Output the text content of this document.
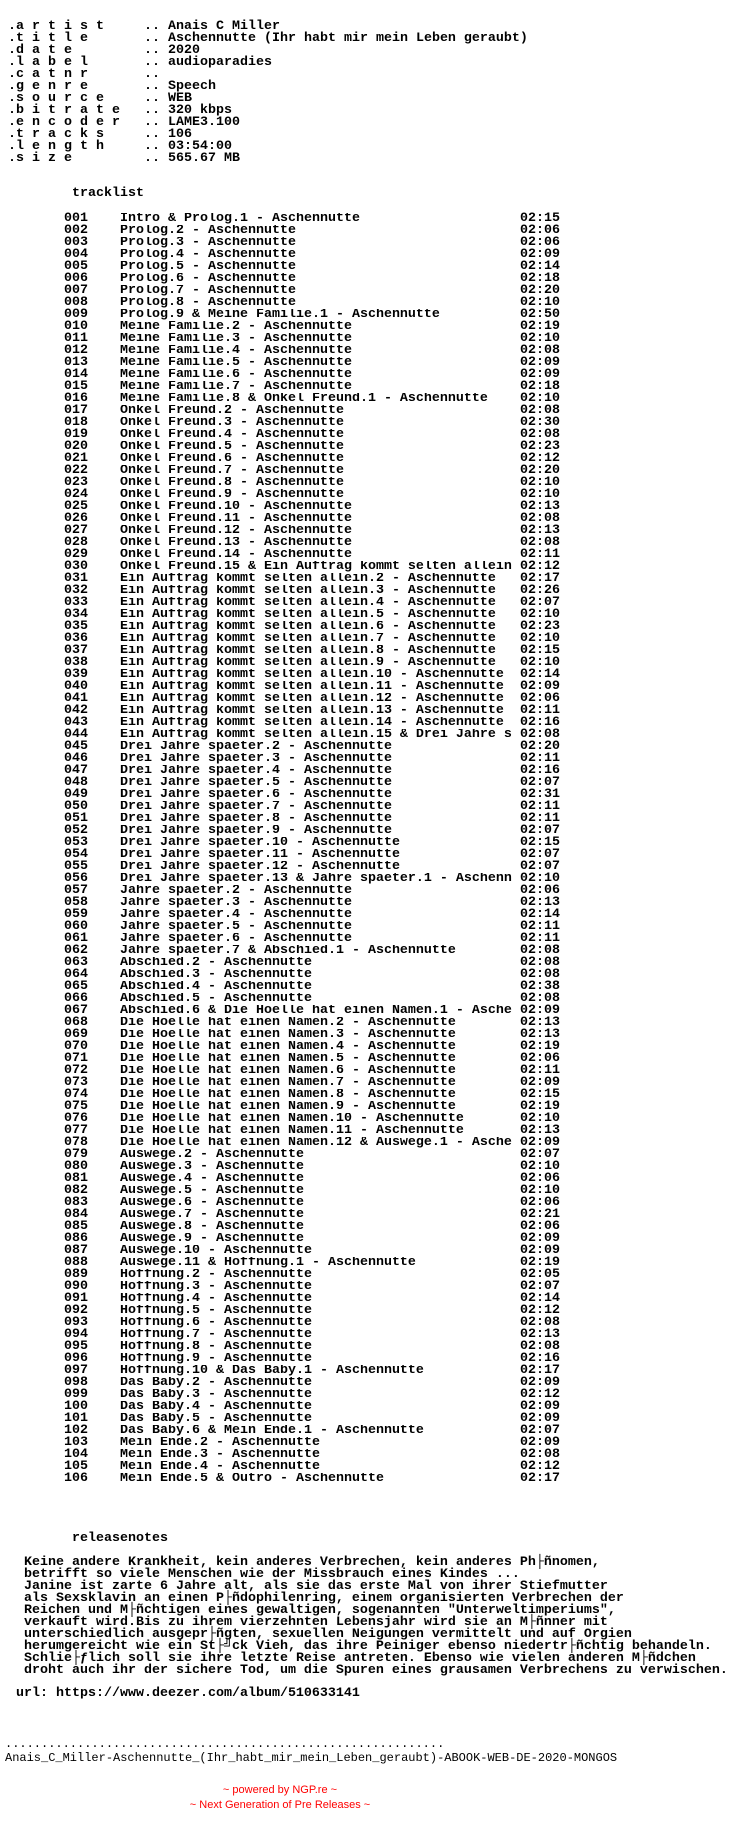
.a r t i s t	.. Anais C Miller
.t i t l e	.. Aschennutte (Ihr habt mir mein Leben geraubt)
.d a t e	.. 2020
.l a b e l	.. audioparadies
.c a t n r	..
.g e n r e	.. Speech
.s o u r c e	.. WEB
.b i t r a t e .. 320 kbps
.e n c o d e r .. LAME3.100
.t r a c k s	.. 106
.l e n g t h	.. 03:54:00
.s i z e	.. 565.67 MB
tracklist
001 Intro & Prolog.1 - Aschennutte	02:15
002 Prolog.2 - Aschennutte	02:06
003 Prolog.3 - Aschennutte	02:06
004 Prolog.4 - Aschennutte	02:09
005 Prolog.5 - Aschennutte	02:14
006 Prolog.6 - Aschennutte	02:18
007 Prolog.7 - Aschennutte	02:20
008 Prolog.8 - Aschennutte	02:10
009 Prolog.9 & Meine Familie.1 - Aschennutte	02:50
010 Meine Familie.2 - Aschennutte	02:19
011 Meine Familie.3 - Aschennutte	02:10
012 Meine Familie.4 - Aschennutte	02:08
013 Meine Familie.5 - Aschennutte	02:09
014 Meine Familie.6 - Aschennutte	02:09
015 Meine Familie.7 - Aschennutte	02:18
016 Meine Familie.8 & Onkel Freund.1 - Aschennutte	02:10
017 Onkel Freund.2 - Aschennutte	02:08
018 Onkel Freund.3 - Aschennutte	02:30
019 Onkel Freund.4 - Aschennutte	02:08
020 Onkel Freund.5 - Aschennutte	02:23
021 Onkel Freund.6 - Aschennutte	02:12
022 Onkel Freund.7 - Aschennutte	02:20
023 Onkel Freund.8 - Aschennutte	02:10
024 Onkel Freund.9 - Aschennutte	02:10
025 Onkel Freund.10 - Aschennutte	02:13
026 Onkel Freund.11 - Aschennutte	02:08
027 Onkel Freund.12 - Aschennutte	02:13
028 Onkel Freund.13 - Aschennutte	02:08
029 Onkel Freund.14 - Aschennutte	02:11
030 Onkel Freund.15 & Ein Auftrag kommt selten allein 02:12
031 Ein Auftrag kommt selten allein.2 - Aschennutte	02:17
032 Ein Auftrag kommt selten allein.3 - Aschennutte	02:26
033 Ein Auftrag kommt selten allein.4 - Aschennutte	02:07
034 Ein Auftrag kommt selten allein.5 - Aschennutte	02:10
035 Ein Auftrag kommt selten allein.6 - Aschennutte	02:23
036 Ein Auftrag kommt selten allein.7 - Aschennutte	02:10
037 Ein Auftrag kommt selten allein.8 - Aschennutte	02:15
038 Ein Auftrag kommt selten allein.9 - Aschennutte	02:10
039 Ein Auftrag kommt selten allein.10 - Aschennutte	02:14
040 Ein Auftrag kommt selten allein.11 - Aschennutte	02:09
041 Ein Auftrag kommt selten allein.12 - Aschennutte	02:06
042 Ein Auftrag kommt selten allein.13 - Aschennutte	02:11
043 Ein Auftrag kommt selten allein.14 - Aschennutte	02:16
044 Ein Auftrag kommt selten allein.15 & Drei Jahre s 02:08
045 Drei Jahre spaeter.2 - Aschennutte	02:20
046 Drei Jahre spaeter.3 - Aschennutte	02:11
047 Drei Jahre spaeter.4 - Aschennutte	02:16
048 Drei Jahre spaeter.5 - Aschennutte	02:07
049 Drei Jahre spaeter.6 - Aschennutte	02:31
050 Drei Jahre spaeter.7 - Aschennutte	02:11
051 Drei Jahre spaeter.8 - Aschennutte	02:11
052 Drei Jahre spaeter.9 - Aschennutte	02:07
053 Drei Jahre spaeter.10 - Aschennutte	02:15
054 Drei Jahre spaeter.11 - Aschennutte	02:07
055 Drei Jahre spaeter.12 - Aschennutte	02:07
056 Drei Jahre spaeter.13 & Jahre spaeter.1 - Aschenn 02:10
057 Jahre spaeter.2 - Aschennutte	02:06
058 Jahre spaeter.3 - Aschennutte	02:13
059 Jahre spaeter.4 - Aschennutte	02:14
060 Jahre spaeter.5 - Aschennutte	02:11
061 Jahre spaeter.6 - Aschennutte	02:11
062 Jahre spaeter.7 & Abschied.1 - Aschennutte	02:08
063 Abschied.2 - Aschennutte	02:08
064 Abschied.3 - Aschennutte	02:08
065 Abschied.4 - Aschennutte	02:38
066 Abschied.5 - Aschennutte	02:08
067 Abschied.6 & Die Hoelle hat einen Namen.1 - Asche 02:09
068 Die Hoelle hat einen Namen.2 - Aschennutte	02:13
069 Die Hoelle hat einen Namen.3 - Aschennutte	02:13
070 Die Hoelle hat einen Namen.4 - Aschennutte	02:19
071 Die Hoelle hat einen Namen.5 - Aschennutte	02:06
072 Die Hoelle hat einen Namen.6 - Aschennutte	02:11
073 Die Hoelle hat einen Namen.7 - Aschennutte	02:09
074 Die Hoelle hat einen Namen.8 - Aschennutte	02:15
075 Die Hoelle hat einen Namen.9 - Aschennutte	02:19
076 Die Hoelle hat einen Namen.10 - Aschennutte	02:10
077 Die Hoelle hat einen Namen.11 - Aschennutte	02:13
078 Die Hoelle hat einen Namen.12 & Auswege.1 - Asche 02:09
079 Auswege.2 - Aschennutte	02:07
080 Auswege.3 - Aschennutte	02:10
081 Auswege.4 - Aschennutte	02:06
082 Auswege.5 - Aschennutte	02:10
083 Auswege.6 - Aschennutte	02:06
084 Auswege.7 - Aschennutte	02:21
085 Auswege.8 - Aschennutte	02:06
086 Auswege.9 - Aschennutte	02:09
087 Auswege.10 - Aschennutte	02:09
088 Auswege.11 & Hoffnung.1 - Aschennutte	02:19
089 Hoffnung.2 - Aschennutte	02:05
090 Hoffnung.3 - Aschennutte	02:07
091 Hoffnung.4 - Aschennutte	02:14
092 Hoffnung.5 - Aschennutte	02:12
093 Hoffnung.6 - Aschennutte	02:08
094 Hoffnung.7 - Aschennutte	02:13
095 Hoffnung.8 - Aschennutte	02:08
096 Hoffnung.9 - Aschennutte	02:16
097 Hoffnung.10 & Das Baby.1 - Aschennutte	02:17
098 Das Baby.2 - Aschennutte	02:09
099 Das Baby.3 - Aschennutte	02:12
100 Das Baby.4 - Aschennutte	02:09
101 Das Baby.5 - Aschennutte	02:09
102 Das Baby.6 & Mein Ende.1 - Aschennutte	02:07
103 Mein Ende.2 - Aschennutte	02:09
104 Mein Ende.3 - Aschennutte	02:08
105 Mein Ende.4 - Aschennutte	02:12
106 Mein Ende.5 & Outro - Aschennutte	02:17
releasenotes
Keine andere Krankheit, kein anderes Verbrechen, kein anderes Ph├ñnomen,
betrifft so viele Menschen wie der Missbrauch eines Kindes ...
Janine ist zarte 6 Jahre alt, als sie das erste Mal von ihrer Stiefmutter
als Sexsklavin an einen P├ñdophilenring, einem organisierten Verbrechen der
Reichen und M├ñchtigen eines gewaltigen, sogenannten "Unterweltimperiums",
verkauft wird.Bis zu ihrem vierzehnten Lebensjahr wird sie an M├ñnner mit
unterschiedlich ausgepr├ñgten, sexuellen Neigungen vermittelt und auf Orgien
herumgereicht wie ein St├╝ck Vieh, das ihre Peiniger ebenso niedertr├ñchtig behandeln.
Schlie├ƒlich soll sie ihre letzte Reise antreten. Ebenso wie vielen anderen M├ñdchen
droht auch ihr der sichere Tod, um die Spuren eines grausamen Verbrechens zu verwischen.
url: https://www.deezer.com/album/510633141
.............................................................
Anais_C_Miller-Aschennutte_(Ihr_habt_mir_mein_Leben_geraubt)-ABOOK-WEB-DE-2020-MONGOS
~ powered by NGP.re ~
~ Next Generation of Pre Releases ~
